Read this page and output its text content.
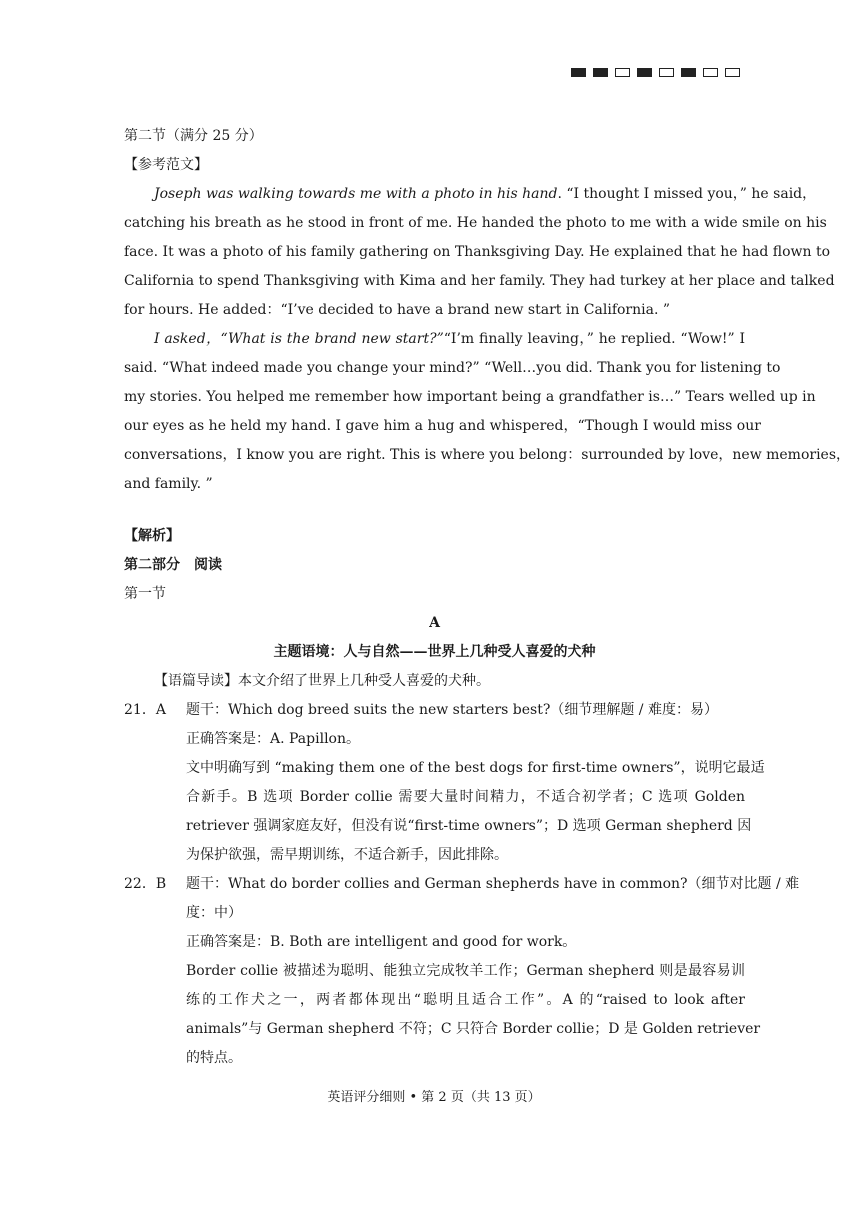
第二节（满分 25 分）
【参考范文】
Joseph was walking towards me with a photo in his hand. “I thought I missed you，” he said，
catching his breath as he stood in front of me. He handed the photo to me with a wide smile on his
face. It was a photo of his family gathering on Thanksgiving Day. He explained that he had flown to
California to spend Thanksgiving with Kima and her family. They had turkey at her place and talked
for hours. He added：“I’ve decided to have a brand new start in California. ”
I asked，“What is the brand new start?”“I’m finally leaving，” he replied. “Wow!” I
said. “What indeed made you change your mind?” “Well…you did. Thank you for listening to
my stories. You helped me remember how important being a grandfather is…” Tears welled up in
our eyes as he held my hand. I gave him a hug and whispered，“Though I would miss our
conversations，I know you are right. This is where you belong：surrounded by love，new memories，
and family. ”
【解析】
第二部分　阅读
第一节
A
主题语境：人与自然——世界上几种受人喜爱的犬种
【语篇导读】本文介绍了世界上几种受人喜爱的犬种。
21．A 题干：Which dog breed suits the new starters best?（细节理解题 / 难度：易）
正确答案是：A. Papillon。
文中明确写到 “making them one of the best dogs for first-time owners”，说明它最适
合新手。B 选项 Border collie 需要大量时间精力，不适合初学者；C 选项 Golden
retriever 强调家庭友好，但没有说“first-time owners”；D 选项 German shepherd 因
为保护欲强，需早期训练，不适合新手，因此排除。
22．B 题干：What do border collies and German shepherds have in common?（细节对比题 / 难
度：中）
正确答案是：B. Both are intelligent and good for work。
Border collie 被描述为聪明、能独立完成牧羊工作；German shepherd 则是最容易训
练的工作犬之一，两者都体现出“聪明且适合工作”。A 的“raised to look after
animals”与 German shepherd 不符；C 只符合 Border collie；D 是 Golden retriever
的特点。
英语评分细则 • 第 2 页（共 13 页）
